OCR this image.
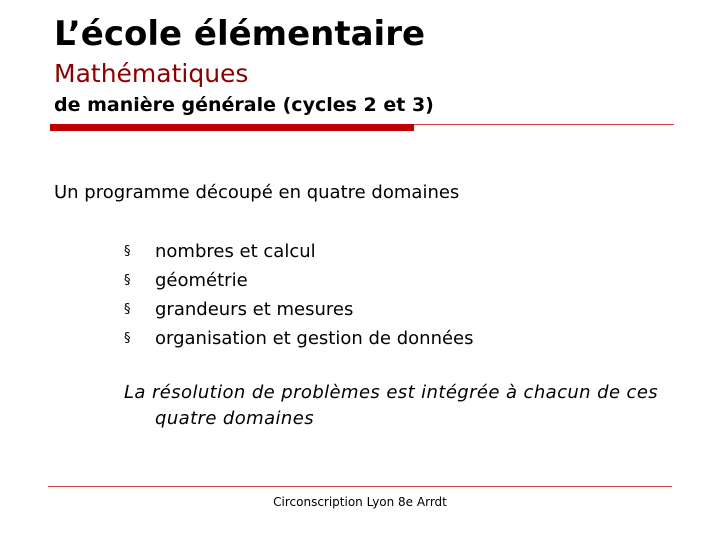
L’école élémentaire
Mathématiques
de manière générale (cycles 2 et 3)
Un programme découpé en quatre domaines
§	nombres et calcul
§	géométrie
§	grandeurs et mesures
§	organisation et gestion de données
La résolution de problèmes est intégrée à chacun de ces quatre domaines
Circonscription Lyon 8e Arrdt
